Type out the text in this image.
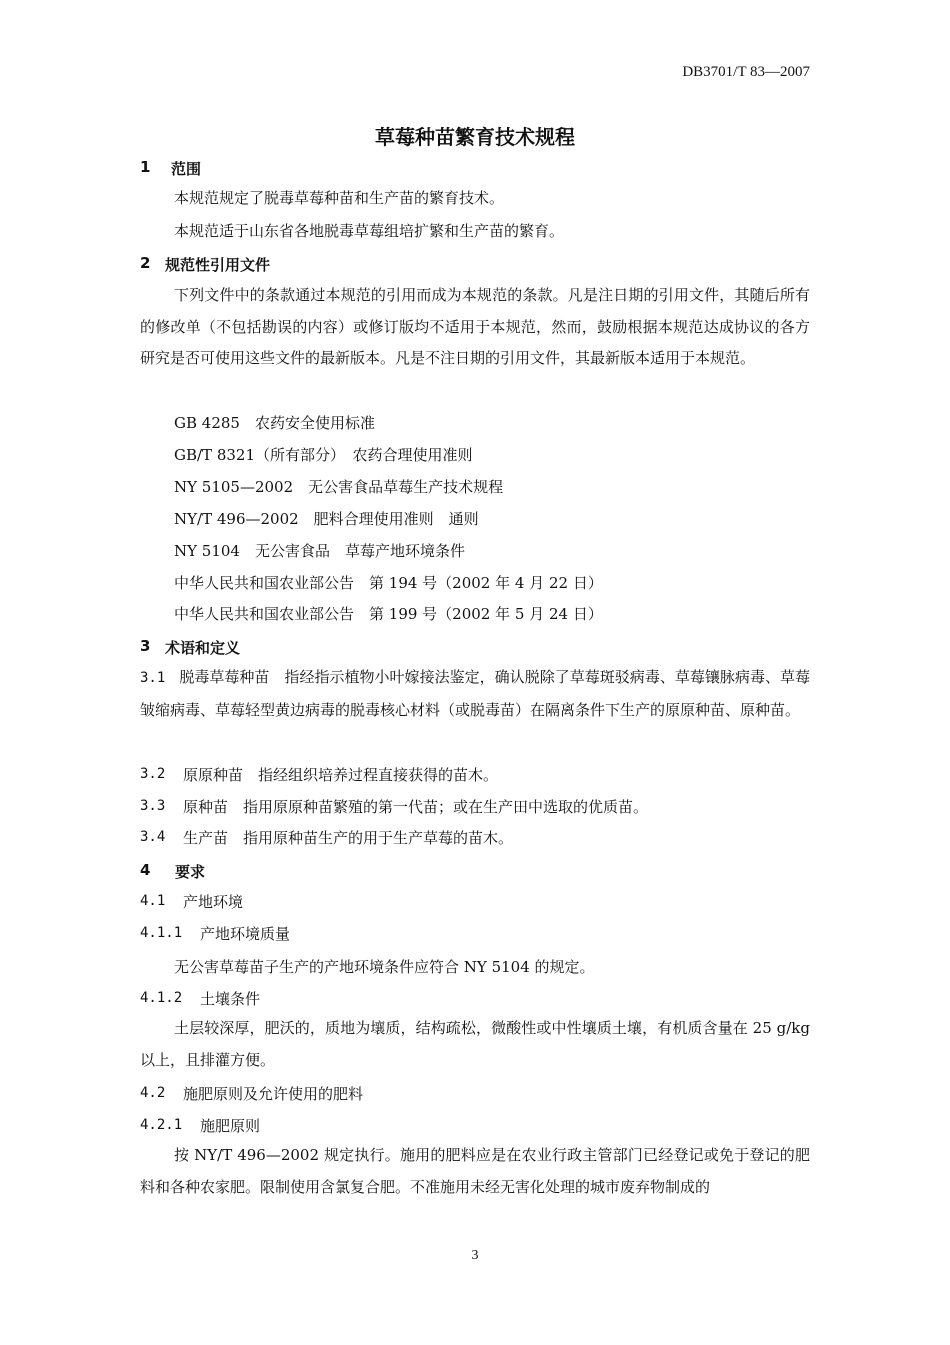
DB3701/T 83—2007
草莓种苗繁育技术规程
1 范围
本规范规定了脱毒草莓种苗和生产苗的繁育技术。
本规范适于山东省各地脱毒草莓组培扩繁和生产苗的繁育。
2 规范性引用文件
下列文件中的条款通过本规范的引用而成为本规范的条款。凡是注日期的引用文件，其随后所有的修改单（不包括勘误的内容）或修订版均不适用于本规范，然而，鼓励根据本规范达成协议的各方研究是否可使用这些文件的最新版本。凡是不注日期的引用文件，其最新版本适用于本规范。
GB 4285　农药安全使用标准
GB/T 8321（所有部分）　农药合理使用准则
NY 5105—2002　无公害食品草莓生产技术规程
NY/T 496—2002　肥料合理使用准则　通则
NY 5104　无公害食品　草莓产地环境条件
中华人民共和国农业部公告　第 194 号（2002 年 4 月 22 日）
中华人民共和国农业部公告　第 199 号（2002 年 5 月 24 日）
3 术语和定义
3.1 脱毒草莓种苗　指经指示植物小叶嫁接法鉴定，确认脱除了草莓斑驳病毒、草莓镶脉病毒、草莓皱缩病毒、草莓轻型黄边病毒的脱毒核心材料（或脱毒苗）在隔离条件下生产的原原种苗、原种苗。
3.2 原原种苗　指经组织培养过程直接获得的苗木。
3.3 原种苗　指用原原种苗繁殖的第一代苗；或在生产田中选取的优质苗。
3.4 生产苗　指用原种苗生产的用于生产草莓的苗木。
4 要求
4.1 产地环境
4.1.1 产地环境质量
无公害草莓苗子生产的产地环境条件应符合 NY 5104 的规定。
4.1.2 土壤条件
土层较深厚，肥沃的，质地为壤质，结构疏松，微酸性或中性壤质土壤，有机质含量在 25 g/kg 以上，且排灌方便。
4.2 施肥原则及允许使用的肥料
4.2.1 施肥原则
按 NY/T 496—2002 规定执行。施用的肥料应是在农业行政主管部门已经登记或免于登记的肥料和各种农家肥。限制使用含氯复合肥。不准施用未经无害化处理的城市废弃物制成的
3
